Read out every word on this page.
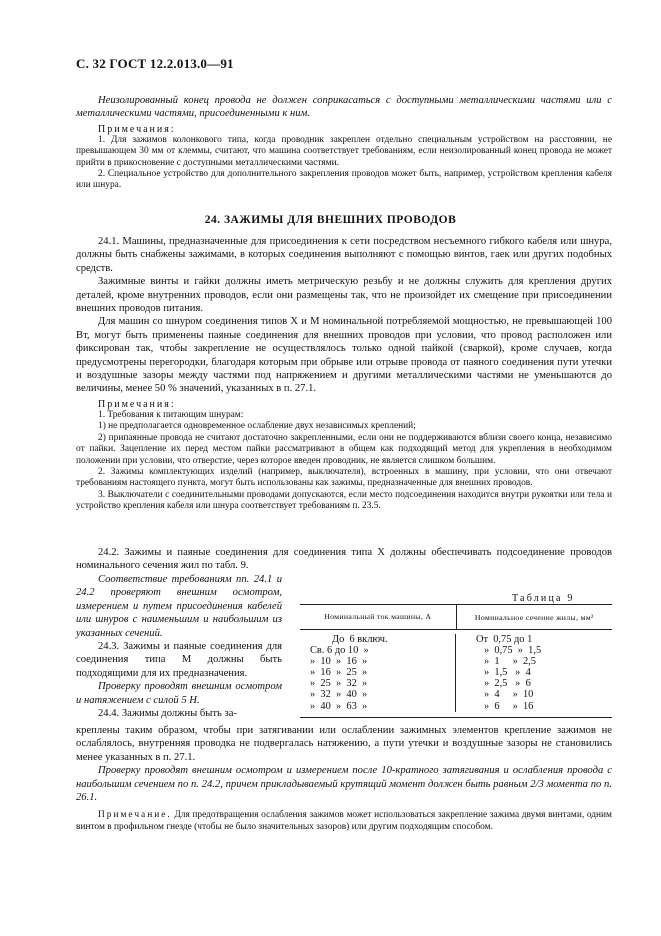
С. 32 ГОСТ 12.2.013.0—91

Неизолированный конец провода не должен соприкасаться с доступными металлическими частями или с металлическими частями, присоединенными к ним.

Примечания:

1. Для зажимов колонкового типа, когда проводник закреплен отдельно специальным устройством на расстоянии, не превышающем 30 мм от клеммы, считают, что машина соответствует требованиям, если неизолированный конец провода не может прийти в прикосновение с доступными металлическими частями.

2. Специальное устройство для дополнительного закрепления проводов может быть, например, устройством крепления кабеля или шнура.

24. ЗАЖИМЫ ДЛЯ ВНЕШНИХ ПРОВОДОВ

24.1. Машины, предназначенные для присоединения к сети посредством несъемного гибкого кабеля или шнура, должны быть снабжены зажимами, в которых соединения выполняют с помощью винтов, гаек или других подобных средств.

Зажимные винты и гайки должны иметь метрическую резьбу и не должны служить для крепления других деталей, кроме внутренних проводов, если они размещены так, что не произойдет их смещение при присоединении внешних проводов питания.

Для машин со шнуром соединения типов X и M номинальной потребляемой мощностью, не превышающей 100 Вт, могут быть применены паяные соединения для внешних проводов при условии, что провод расположен или фиксирован так, чтобы закрепление не осуществлялось только одной пайкой (сваркой), кроме случаев, когда предусмотрены перегородки, благодаря которым при обрыве или отрыве провода от паяного соединения пути утечки и воздушные зазоры между частями под напряжением и другими металлическими частями не уменьшаются до величины, менее 50 % значений, указанных в п. 27.1.

Примечания:

1. Требования к питающим шнурам:

1) не предполагается одновременное ослабление двух независимых креплений;

2) припаянные провода не считают достаточно закрепленными, если они не поддерживаются вблизи своего конца, независимо от пайки. Зацепление их перед местом пайки рассматривают в общем как подходящий метод для укрепления в необходимом положении при условии, что отверстие, через которое введен проводник, не является слишком большим.

2. Зажимы комплектующих изделий (например, выключателя), встроенных в машину, при условии, что они отвечают требованиям настоящего пункта, могут быть использованы как зажимы, предназначенные для внешних проводов.

3. Выключатели с соединительными проводами допускаются, если место подсоединения находится внутри рукоятки или тела и устройство крепления кабеля или шнура соответствует требованиям п. 23.5.

24.2. Зажимы и паяные соединения для соединения типа X должны обеспечивать подсоединение проводов номинального сечения жил по табл. 9.

Соответствие требованиям пп. 24.1 и 24.2 проверяют внешним осмотром, измерением и путем присоединения кабелей или шнуров с наименьшим и наибольшим из указанных сечений.

24.3. Зажимы и паяные соединения для соединения типа M должны быть подходящими для их предназначения.

Проверку проводят внешним осмотром и натяжением с силой 5 Н.

24.4. Зажимы должны быть за-

Таблица 9
Номинальный ток машины, А	Номинальное сечение жилы, мм²
До  6 включ.
Св. 6 до 10  »
»  10  »  16  »
»  16  »  25  »
»  25  »  32  »
»  32  »  40  »
»  40  »  63  »
От  0,75 до 1
»  0,75  »  1,5
»  1     »  2,5
»  1,5   »  4
»  2,5   »  6
»  4     »  10
»  6     »  16

креплены таким образом, чтобы при затягивании или ослаблении зажимных элементов крепление зажимов не ослаблялось, внутренняя проводка не подвергалась натяжению, а пути утечки и воздушные зазоры не становились менее указанных в п. 27.1.

Проверку проводят внешним осмотром и измерением после 10-кратного затягивания и ослабления провода с наибольшим сечением по п. 24.2, причем прикладываемый крутящий момент должен быть равным 2/3 момента по п. 26.1.

Примечание. Для предотвращения ослабления зажимов может использоваться закрепление зажима двумя винтами, одним винтом в профильном гнезде (чтобы не было значительных зазоров) или другим подходящим способом.
